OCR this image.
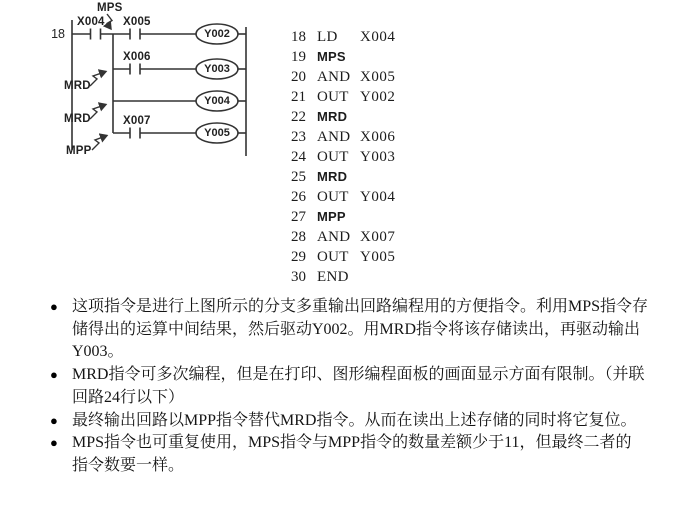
18
MPS
X004 X005
X006
X007
MRD
MRD
MPP
Y002
Y003
Y004
Y005
18 LD X004
19 MPS
20 AND X005
21 OUT Y002
22 MRD
23 AND X006
24 OUT Y003
25 MRD
26 OUT Y004
27 MPP
28 AND X007
29 OUT Y005
30 END
● 这项指令是进行上图所示的分支多重输出回路编程用的方便指令。利用MPS指令存
储得出的运算中间结果，然后驱动Y002。用MRD指令将该存储读出，再驱动输出
Y003。

● MRD指令可多次编程，但是在打印、图形编程面板的画面显示方面有限制。（并联
回路24行以下）

● 最终输出回路以MPP指令替代MRD指令。从而在读出上述存储的同时将它复位。

● MPS指令也可重复使用，MPS指令与MPP指令的数量差额少于11，但最终二者的
指令数要一样。
